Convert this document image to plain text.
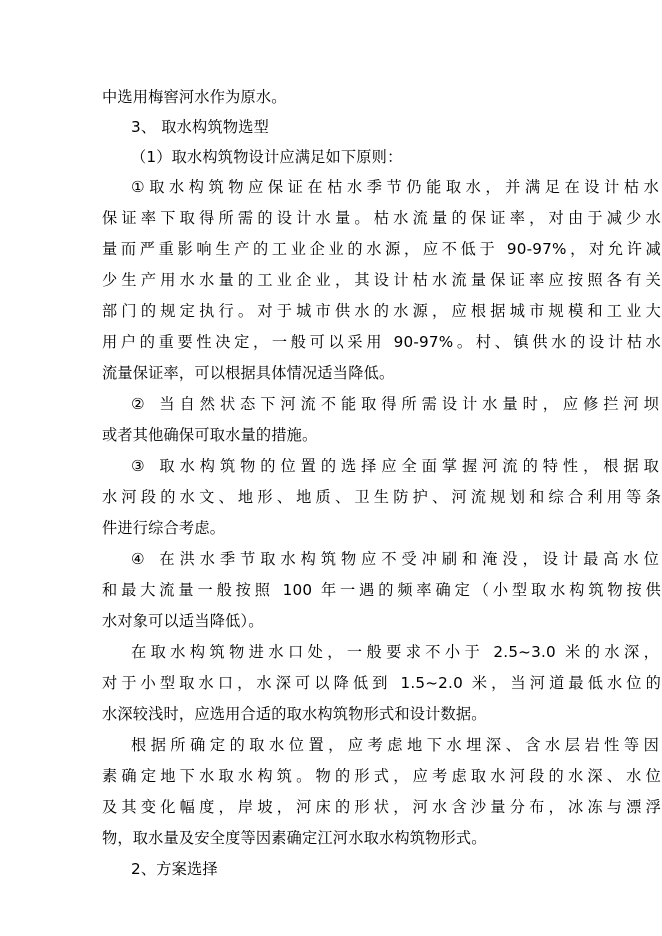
中选用梅窖河水作为原水。
3、 取水构筑物选型
（1）取水构筑物设计应满足如下原则：
①取水构筑物应保证在枯水季节仍能取水，并满足在设计枯水
保证率下取得所需的设计水量。枯水流量的保证率，对由于减少水
量而严重影响生产的工业企业的水源，应不低于 90-97%，对允许减
少生产用水水量的工业企业，其设计枯水流量保证率应按照各有关
部门的规定执行。对于城市供水的水源，应根据城市规模和工业大
用户的重要性决定，一般可以采用 90-97%。村、镇供水的设计枯水
流量保证率，可以根据具体情况适当降低。
② 当自然状态下河流不能取得所需设计水量时，应修拦河坝
或者其他确保可取水量的措施。
③ 取水构筑物的位置的选择应全面掌握河流的特性，根据取
水河段的水文、地形、地质、卫生防护、河流规划和综合利用等条
件进行综合考虑。
④ 在洪水季节取水构筑物应不受冲刷和淹没，设计最高水位
和最大流量一般按照 100 年一遇的频率确定（小型取水构筑物按供
水对象可以适当降低）。
在取水构筑物进水口处，一般要求不小于 2.5~3.0 米的水深，
对于小型取水口，水深可以降低到 1.5~2.0 米，当河道最低水位的
水深较浅时，应选用合适的取水构筑物形式和设计数据。
根据所确定的取水位置，应考虑地下水埋深、含水层岩性等因
素确定地下水取水构筑。物的形式，应考虑取水河段的水深、水位
及其变化幅度，岸坡，河床的形状，河水含沙量分布，冰冻与漂浮
物，取水量及安全度等因素确定江河水取水构筑物形式。
2、方案选择
